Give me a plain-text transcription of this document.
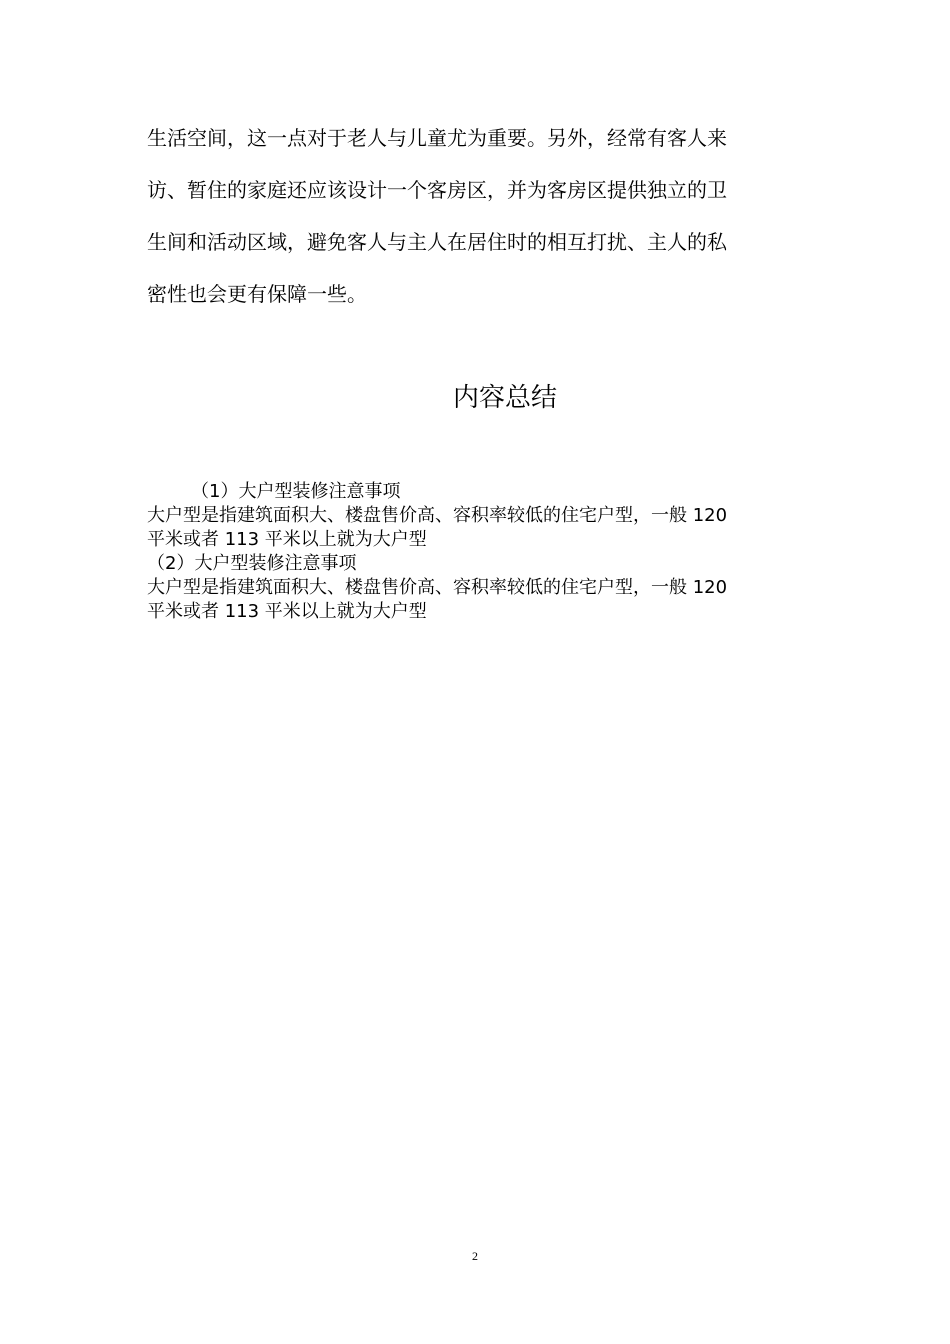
生活空间，这一点对于老人与儿童尤为重要。另外，经常有客人来

访、暂住的家庭还应该设计一个客房区，并为客房区提供独立的卫

生间和活动区域，避免客人与主人在居住时的相互打扰、主人的私

密性也会更有保障一些。

内容总结

（1）大户型装修注意事项

大户型是指建筑面积大、楼盘售价高、容积率较低的住宅户型，一般 120

平米或者 113 平米以上就为大户型

（2）大户型装修注意事项

大户型是指建筑面积大、楼盘售价高、容积率较低的住宅户型，一般 120

平米或者 113 平米以上就为大户型

2
